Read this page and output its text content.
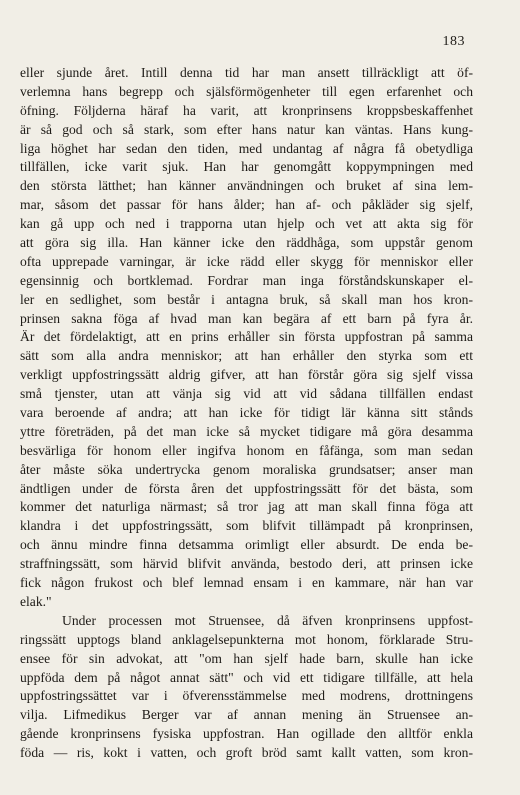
183
eller sjunde året. Intill denna tid har man ansett tillräckligt att öf-
verlemna hans begrepp och själsförmögenheter till egen erfarenhet och
öfning. Följderna häraf ha varit, att kronprinsens kroppsbeskaffenhet
är så god och så stark, som efter hans natur kan väntas. Hans kung-
liga höghet har sedan den tiden, med undantag af några få obetydliga
tillfällen, icke varit sjuk. Han har genomgått koppympningen med
den största lätthet; han känner användningen och bruket af sina lem-
mar, såsom det passar för hans ålder; han af- och påkläder sig sjelf,
kan gå upp och ned i trapporna utan hjelp och vet att akta sig för
att göra sig illa. Han känner icke den räddhåga, som uppstår genom
ofta upprepade varningar, är icke rädd eller skygg för menniskor eller
egensinnig och bortklemad. Fordrar man inga förståndskunskaper el-
ler en sedlighet, som består i antagna bruk, så skall man hos kron-
prinsen sakna föga af hvad man kan begära af ett barn på fyra år.
Är det fördelaktigt, att en prins erhåller sin första uppfostran på samma
sätt som alla andra menniskor; att han erhåller den styrka som ett
verkligt uppfostringssätt aldrig gifver, att han förstår göra sig sjelf vissa
små tjenster, utan att vänja sig vid att vid sådana tillfällen endast
vara beroende af andra; att han icke för tidigt lär känna sitt stånds
yttre företräden, på det man icke så mycket tidigare må göra desamma
besvärliga för honom eller ingifva honom en fåfänga, som man sedan
åter måste söka undertrycka genom moraliska grundsatser; anser man
ändtligen under de första åren det uppfostringssätt för det bästa, som
kommer det naturliga närmast; så tror jag att man skall finna föga att
klandra i det uppfostringssätt, som blifvit tillämpadt på kronprinsen,
och ännu mindre finna detsamma orimligt eller absurdt. De enda be-
straffningssätt, som härvid blifvit använda, bestodo deri, att prinsen icke
fick någon frukost och blef lemnad ensam i en kammare, när han var
elak."
Under processen mot Struensee, då äfven kronprinsens uppfost-
ringssätt upptogs bland anklagelsepunkterna mot honom, förklarade Stru-
ensee för sin advokat, att "om han sjelf hade barn, skulle han icke
uppföda dem på något annat sätt" och vid ett tidigare tillfälle, att hela
uppfostringssättet var i öfverensstämmelse med modrens, drottningens
vilja. Lifmedikus Berger var af annan mening än Struensee an-
gående kronprinsens fysiska uppfostran. Han ogillade den alltför enkla
föda — ris, kokt i vatten, och groft bröd samt kallt vatten, som kron-
